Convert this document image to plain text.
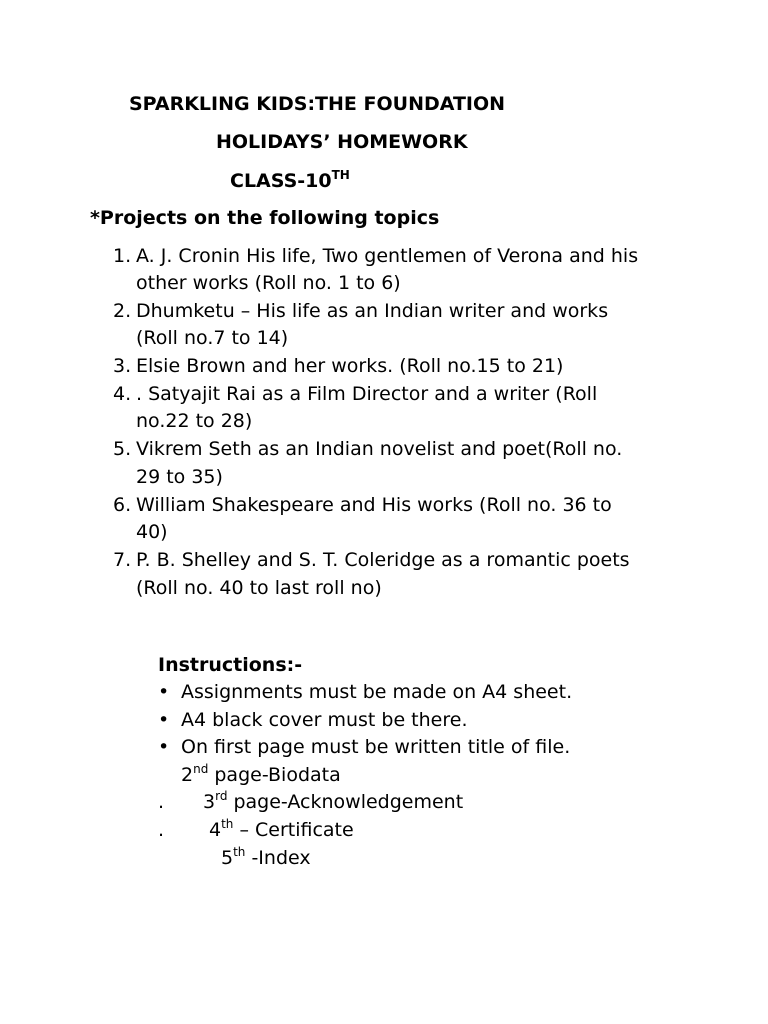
SPARKLING KIDS:THE FOUNDATION
HOLIDAYS’ HOMEWORK
CLASS-10TH
*Projects on the following topics
1. A. J. Cronin His life, Two gentlemen of Verona and his
other works (Roll no. 1 to 6)
2. Dhumketu – His life as an Indian writer and works
(Roll no.7 to 14)
3. Elsie Brown and her works. (Roll no.15 to 21)
4. . Satyajit Rai as a Film Director and a writer (Roll
no.22 to 28)
5. Vikrem Seth as an Indian novelist and poet(Roll no.
29 to 35)
6. William Shakespeare and His works (Roll no. 36 to
40)
7. P. B. Shelley and S. T. Coleridge as a romantic poets
(Roll no. 40 to last roll no)
Instructions:-
• Assignments must be made on A4 sheet.
• A4 black cover must be there.
• On first page must be written title of file.
2nd page-Biodata
. 3rd page-Acknowledgement
. 4th – Certificate
5th -Index
